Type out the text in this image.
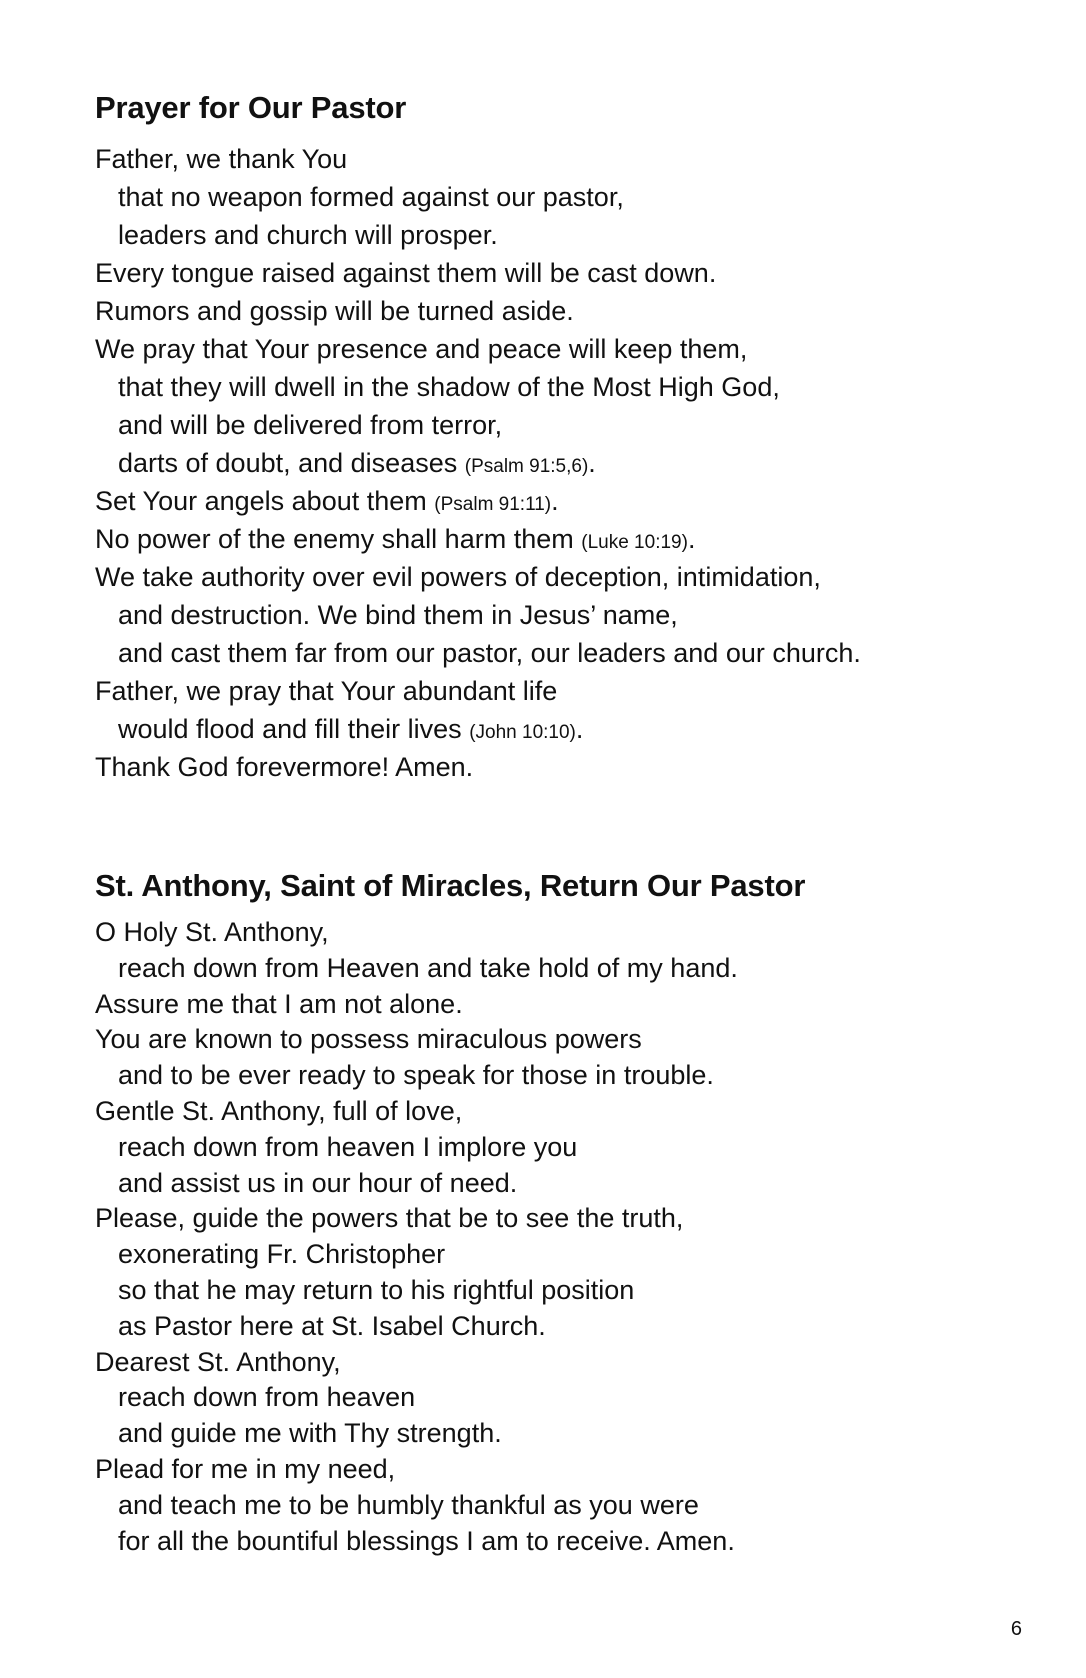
Prayer for Our Pastor
Father, we thank You
that no weapon formed against our pastor,
leaders and church will prosper.
Every tongue raised against them will be cast down.
Rumors and gossip will be turned aside.
We pray that Your presence and peace will keep them,
that they will dwell in the shadow of the Most High God,
and will be delivered from terror,
darts of doubt, and diseases (Psalm 91:5,6).
Set Your angels about them (Psalm 91:11).
No power of the enemy shall harm them (Luke 10:19).
We take authority over evil powers of deception, intimidation,
and destruction. We bind them in Jesus’ name,
and cast them far from our pastor, our leaders and our church.
Father, we pray that Your abundant life
would flood and fill their lives (John 10:10).
Thank God forevermore! Amen.
St. Anthony, Saint of Miracles, Return Our Pastor
O Holy St. Anthony,
reach down from Heaven and take hold of my hand.
Assure me that I am not alone.
You are known to possess miraculous powers
and to be ever ready to speak for those in trouble.
Gentle St. Anthony, full of love,
reach down from heaven I implore you
and assist us in our hour of need.
Please, guide the powers that be to see the truth,
exonerating Fr. Christopher
so that he may return to his rightful position
as Pastor here at St. Isabel Church.
Dearest St. Anthony,
reach down from heaven
and guide me with Thy strength.
Plead for me in my need,
and teach me to be humbly thankful as you were
for all the bountiful blessings I am to receive. Amen.
6
